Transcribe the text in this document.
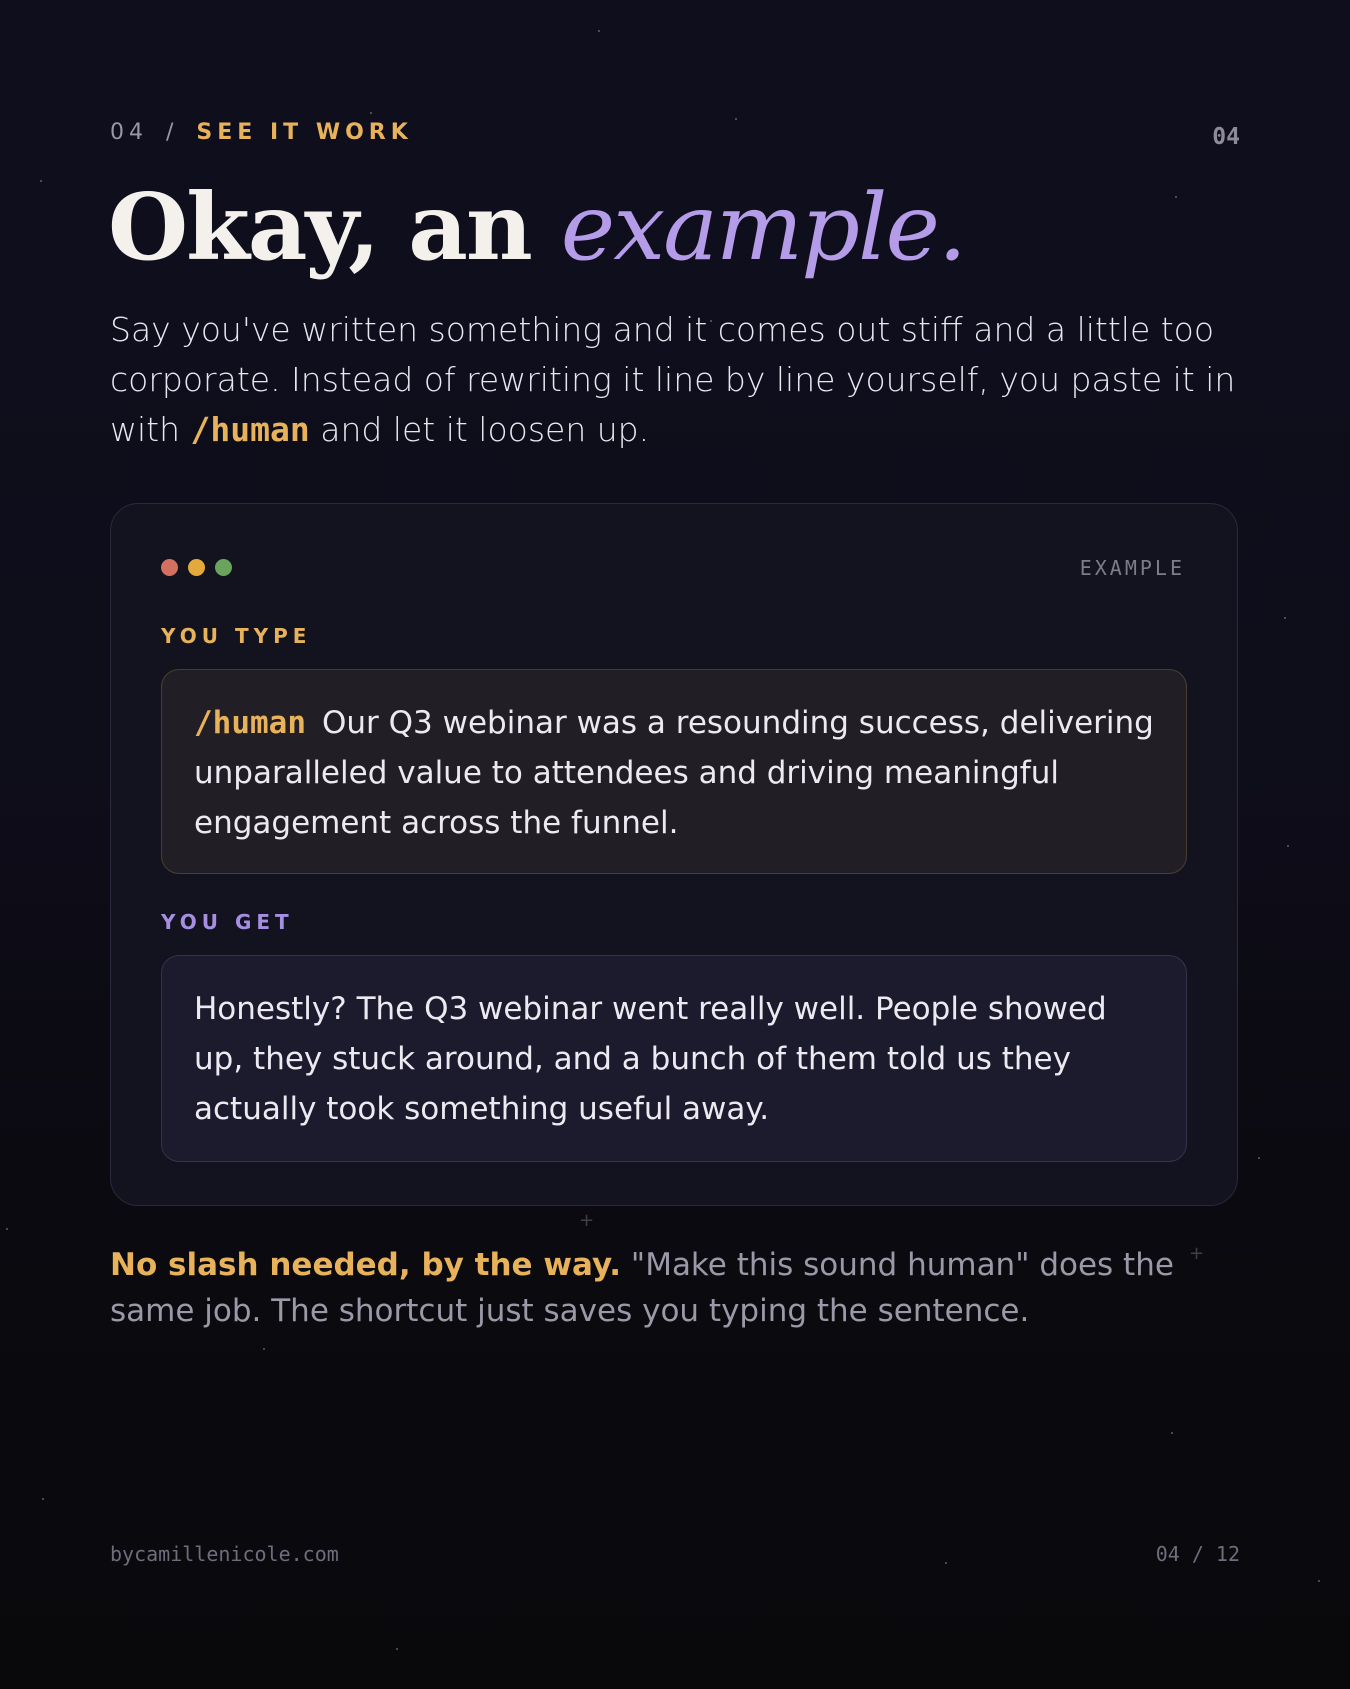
+
+
04 / SEE IT WORK	04
Okay, an example.

Say you've written something and it comes out stiff and a little too corporate. Instead of rewriting it line by line yourself, you paste it in with /human and let it loosen up.

EXAMPLE
YOU TYPE
/human Our Q3 webinar was a resounding success, delivering unparalleled value to attendees and driving meaningful engagement across the funnel.
YOU GET
Honestly? The Q3 webinar went really well. People showed up, they stuck around, and a bunch of them told us they actually took something useful away.

No slash needed, by the way. "Make this sound human" does the same job. The shortcut just saves you typing the sentence.

bycamillenicole.com	04 / 12
